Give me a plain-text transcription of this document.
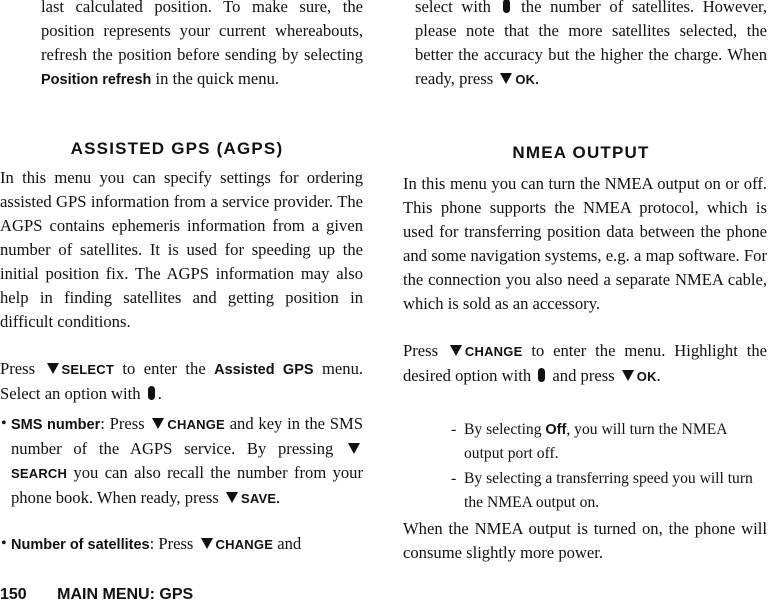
last calculated position. To make sure, the position represents your current whereabouts, refresh the position before sending by selecting Position refresh in the quick menu.

ASSISTED GPS (AGPS)

In this menu you can specify settings for ordering assisted GPS information from a service provider. The AGPS contains ephemeris information from a given number of satellites. It is used for speeding up the initial position fix. The AGPS information may also help in finding satellites and getting position in difficult conditions.

Press SELECT to enter the Assisted GPS menu. Select an option with .

• SMS number: Press CHANGE and key in the SMS number of the AGPS service. By pressing SEARCH you can also recall the number from your phone book. When ready, press SAVE.

• Number of satellites: Press CHANGE and

select with  the number of satellites. However, please note that the more satellites selected, the better the accuracy but the higher the charge. When ready, press OK.

NMEA OUTPUT

In this menu you can turn the NMEA output on or off. This phone supports the NMEA protocol, which is used for transferring position data between the phone and some navigation systems, e.g. a map software. For the connection you also need a separate NMEA cable, which is sold as an accessory.

Press CHANGE to enter the menu. Highlight the desired option with  and press OK.

- By selecting Off, you will turn the NMEA output port off.

- By selecting a transferring speed you will turn the NMEA output on.

When the NMEA output is turned on, the phone will consume slightly more power.

150 MAIN MENU: GPS
